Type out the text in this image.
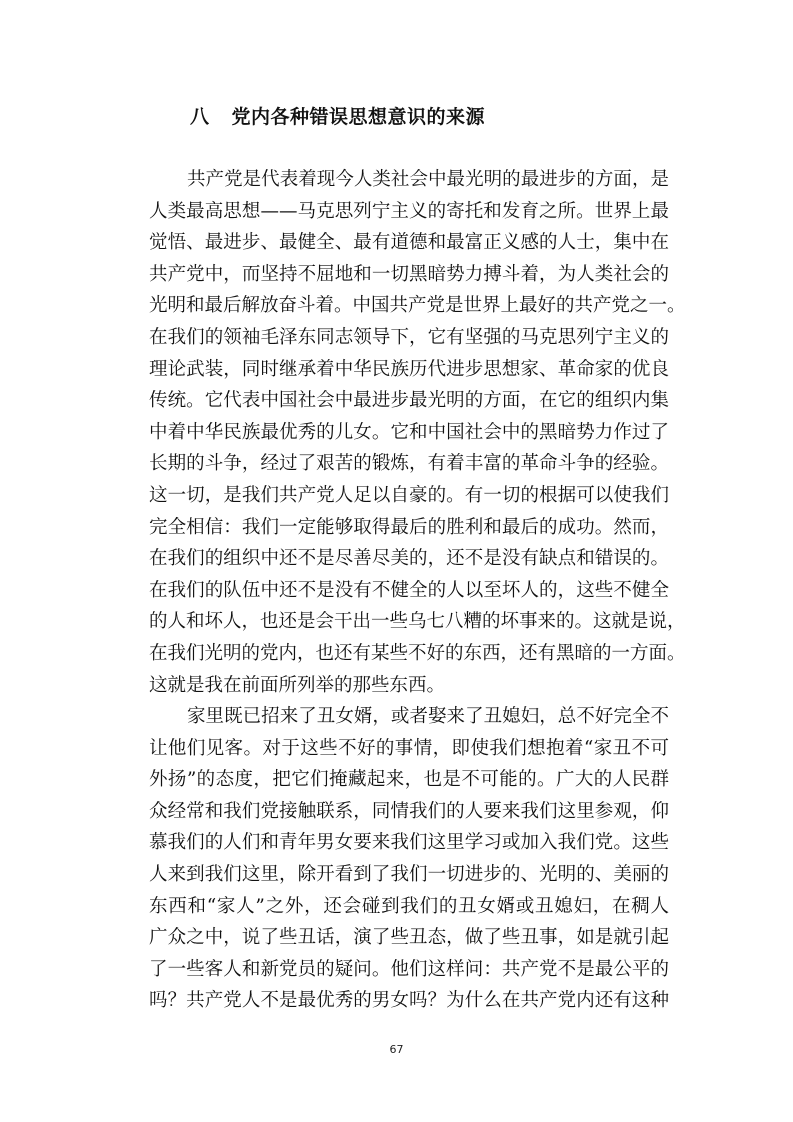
八 党内各种错误思想意识的来源
共产党是代表着现今人类社会中最光明的最进步的方面，是
人类最高思想——马克思列宁主义的寄托和发育之所。世界上最
觉悟、最进步、最健全、最有道德和最富正义感的人士，集中在
共产党中，而坚持不屈地和一切黑暗势力搏斗着，为人类社会的
光明和最后解放奋斗着。中国共产党是世界上最好的共产党之一。
在我们的领袖毛泽东同志领导下，它有坚强的马克思列宁主义的
理论武装，同时继承着中华民族历代进步思想家、革命家的优良
传统。它代表中国社会中最进步最光明的方面，在它的组织内集
中着中华民族最优秀的儿女。它和中国社会中的黑暗势力作过了
长期的斗争，经过了艰苦的锻炼，有着丰富的革命斗争的经验。
这一切，是我们共产党人足以自豪的。有一切的根据可以使我们
完全相信：我们一定能够取得最后的胜利和最后的成功。然而，
在我们的组织中还不是尽善尽美的，还不是没有缺点和错误的。
在我们的队伍中还不是没有不健全的人以至坏人的，这些不健全
的人和坏人，也还是会干出一些乌七八糟的坏事来的。这就是说，
在我们光明的党内，也还有某些不好的东西，还有黑暗的一方面。
这就是我在前面所列举的那些东西。
家里既已招来了丑女婿，或者娶来了丑媳妇，总不好完全不
让他们见客。对于这些不好的事情，即使我们想抱着“家丑不可
外扬”的态度，把它们掩藏起来，也是不可能的。广大的人民群
众经常和我们党接触联系，同情我们的人要来我们这里参观，仰
慕我们的人们和青年男女要来我们这里学习或加入我们党。这些
人来到我们这里，除开看到了我们一切进步的、光明的、美丽的
东西和“家人”之外，还会碰到我们的丑女婿或丑媳妇，在稠人
广众之中，说了些丑话，演了些丑态，做了些丑事，如是就引起
了一些客人和新党员的疑问。他们这样问：共产党不是最公平的
吗？共产党人不是最优秀的男女吗？为什么在共产党内还有这种
67
